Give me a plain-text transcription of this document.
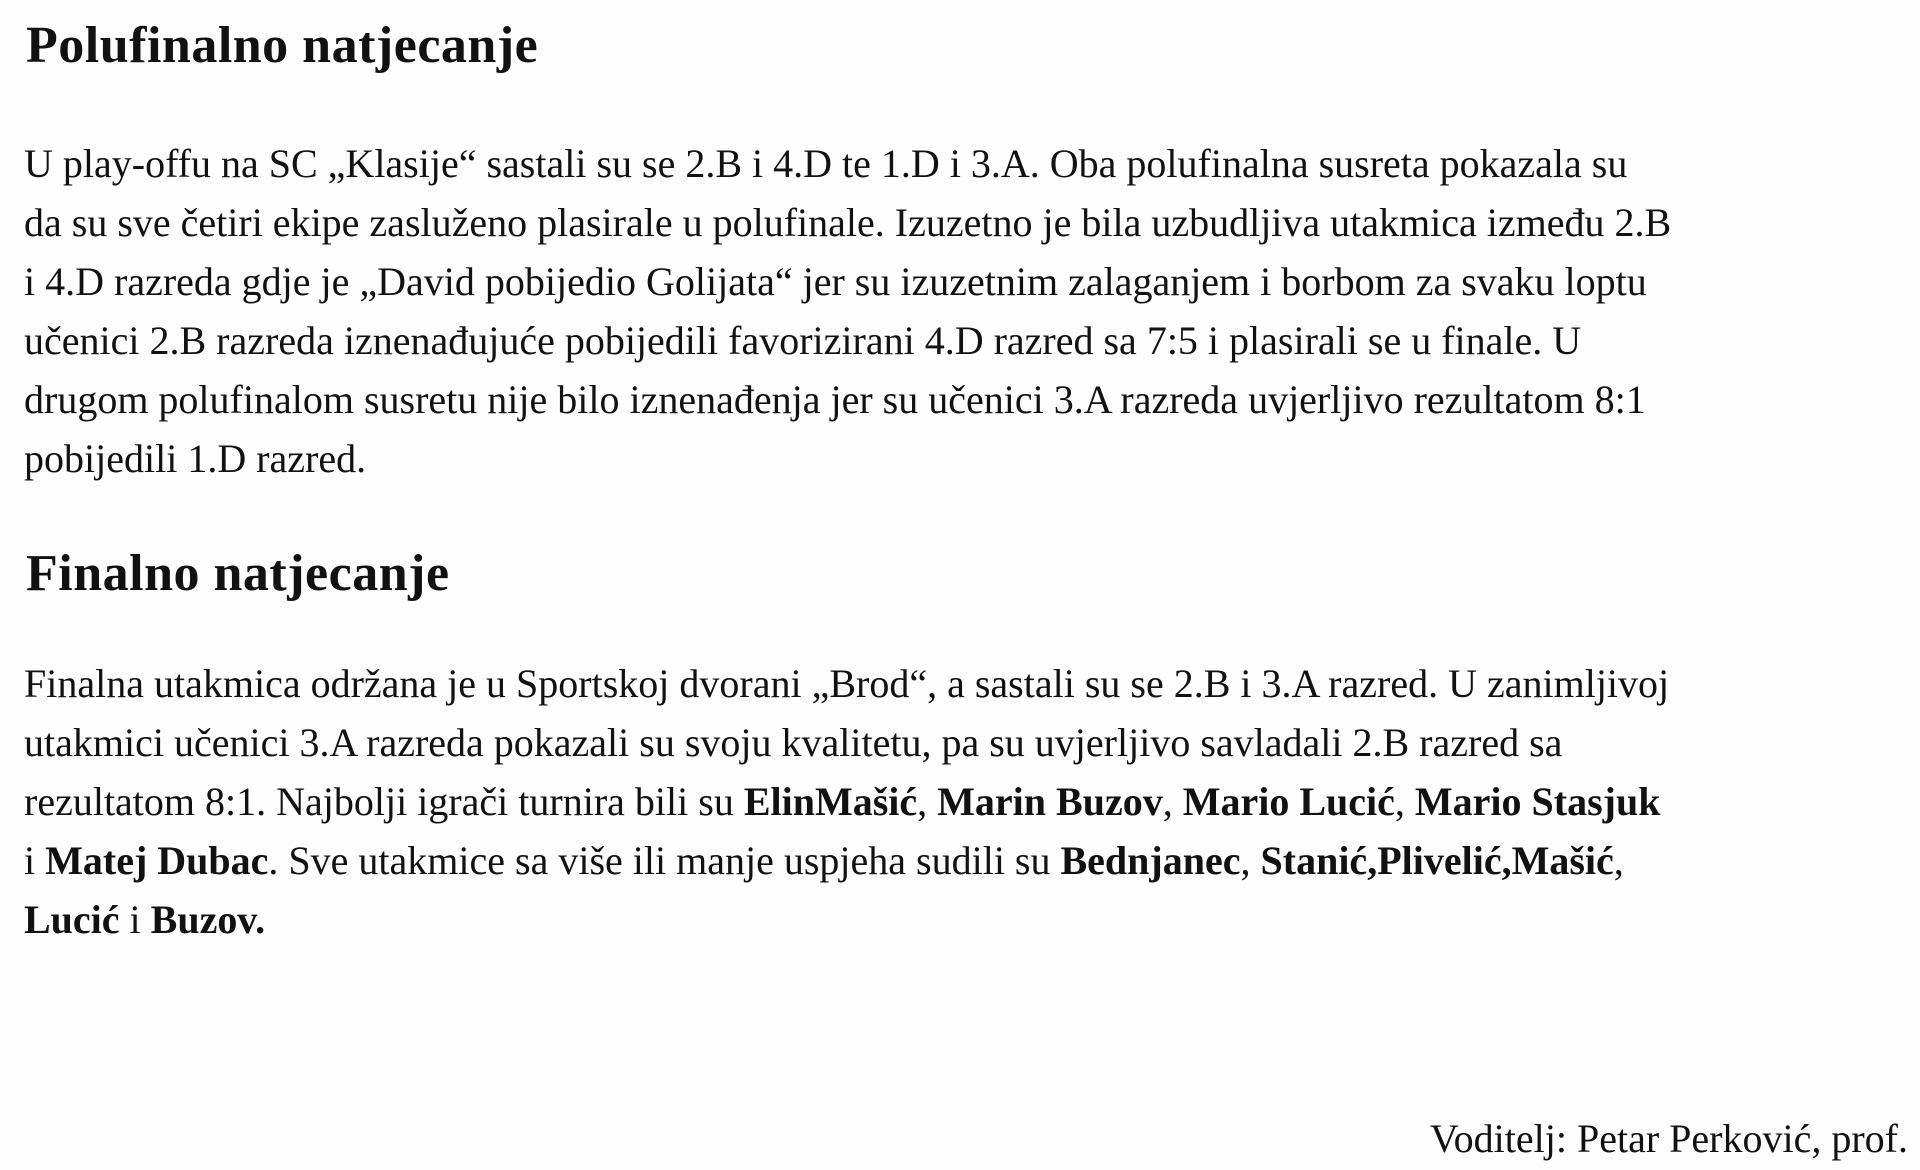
Polufinalno natjecanje

U play-offu na SC „Klasije“ sastali su se 2.B i 4.D te 1.D i 3.A. Oba polufinalna susreta pokazala su
da su sve četiri ekipe zasluženo plasirale u polufinale. Izuzetno je bila uzbudljiva utakmica između 2.B
i 4.D razreda gdje je „David pobijedio Golijata“ jer su izuzetnim zalaganjem i borbom za svaku loptu
učenici 2.B razreda iznenađujuće pobijedili favorizirani 4.D razred sa 7:5 i plasirali se u finale. U
drugom polufinalom susretu nije bilo iznenađenja jer su učenici 3.A razreda uvjerljivo rezultatom 8:1
pobijedili 1.D razred.

Finalno natjecanje

Finalna utakmica održana je u Sportskoj dvorani „Brod“, a sastali su se 2.B i 3.A razred. U zanimljivoj
utakmici učenici 3.A razreda pokazali su svoju kvalitetu, pa su uvjerljivo savladali 2.B razred sa
rezultatom 8:1. Najbolji igrači turnira bili su ElinMašić, Marin Buzov, Mario Lucić, Mario Stasjuk
i Matej Dubac. Sve utakmice sa više ili manje uspjeha sudili su Bednjanec, Stanić,Plivelić,Mašić,
Lucić i Buzov.

Voditelj: Petar Perković, prof.
